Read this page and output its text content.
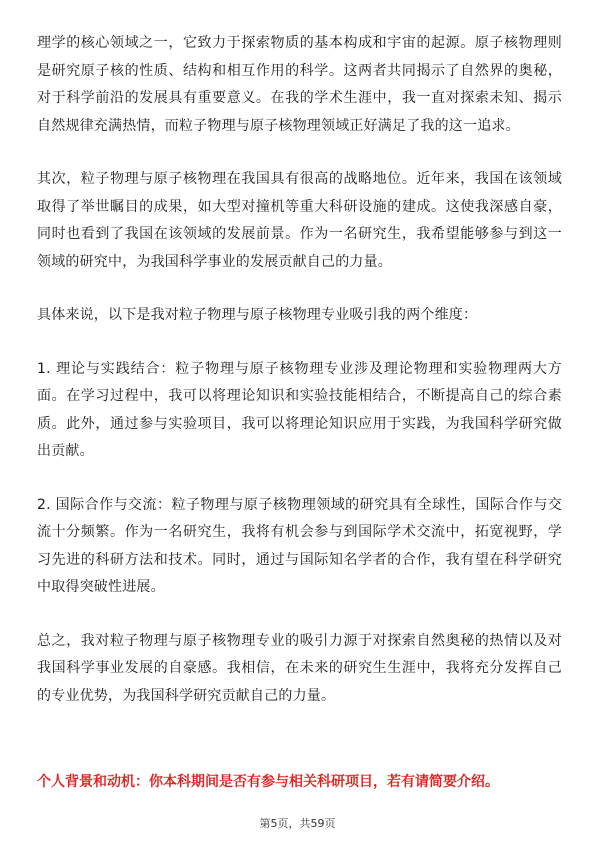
理学的核心领域之一，它致力于探索物质的基本构成和宇宙的起源。原子核物理则是研究原子核的性质、结构和相互作用的科学。这两者共同揭示了自然界的奥秘，对于科学前沿的发展具有重要意义。在我的学术生涯中，我一直对探索未知、揭示自然规律充满热情，而粒子物理与原子核物理领域正好满足了我的这一追求。

其次，粒子物理与原子核物理在我国具有很高的战略地位。近年来，我国在该领域取得了举世瞩目的成果，如大型对撞机等重大科研设施的建成。这使我深感自豪，同时也看到了我国在该领域的发展前景。作为一名研究生，我希望能够参与到这一领域的研究中，为我国科学事业的发展贡献自己的力量。

具体来说，以下是我对粒子物理与原子核物理专业吸引我的两个维度：

1. 理论与实践结合：粒子物理与原子核物理专业涉及理论物理和实验物理两大方面。在学习过程中，我可以将理论知识和实验技能相结合，不断提高自己的综合素质。此外，通过参与实验项目，我可以将理论知识应用于实践，为我国科学研究做出贡献。

2. 国际合作与交流：粒子物理与原子核物理领域的研究具有全球性，国际合作与交流十分频繁。作为一名研究生，我将有机会参与到国际学术交流中，拓宽视野，学习先进的科研方法和技术。同时，通过与国际知名学者的合作，我有望在科学研究中取得突破性进展。

总之，我对粒子物理与原子核物理专业的吸引力源于对探索自然奥秘的热情以及对我国科学事业发展的自豪感。我相信，在未来的研究生生涯中，我将充分发挥自己的专业优势，为我国科学研究贡献自己的力量。

个人背景和动机：你本科期间是否有参与相关科研项目，若有请简要介绍。

第5页，共59页
